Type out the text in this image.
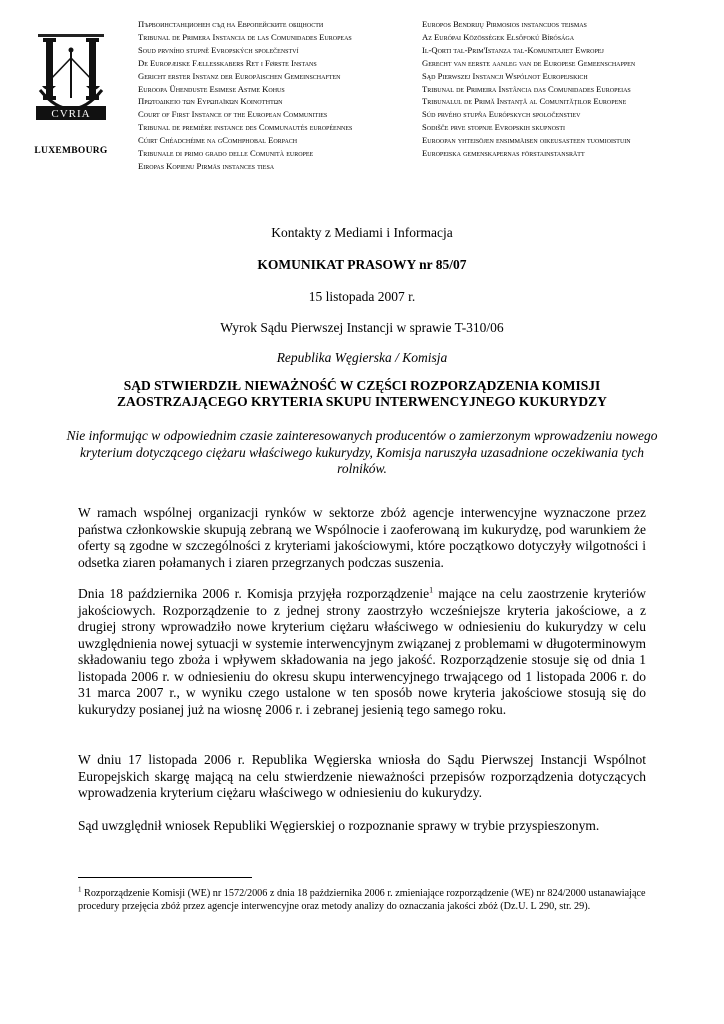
CVRIA
LUXEMBOURG
Първоинстанционен съд на Европейските общности
Tribunal de Primera Instancia de las Comunidades Europeas
Soud prvního stupně Evropských společenství
De Europæiske Fællesskabers Ret i Første Instans
Gericht erster Instanz der Europäischen Gemeinschaften
Euroopa Ühenduste Esimese Astme Kohus
Πρωτοδικείο των Ευρωπαϊκών Κοινοτήτων
Court of First Instance of the European Communities
Tribunal de première instance des Communautés européennes
Cúirt Chéadchéime na gComhphobal Eorpach
Tribunale di primo grado delle Comunità europee
Eiropas Kopienu Pirmās instances tiesa
Europos Bendrijų Pirmosios instancijos teismas
Az Európai Közösségek Elsőfokú Bírósága
Il-Qorti tal-Prim'Istanza tal-Komunitajiet Ewropej
Gerecht van eerste aanleg van de Europese Gemeenschappen
Sąd Pierwszej Instancji Wspólnot Europejskich
Tribunal de Primeira Instância das Comunidades Europeias
Tribunalul de Primă Instanță al Comunităților Europene
Súd prvého stupňa Európskych spoločenstiev
Sodišče prve stopnje Evropskih skupnosti
Euroopan yhteisöjen ensimmäisen oikeusasteen tuomioistuin
Europeiska gemenskapernas förstainstansrätt
Kontakty z Mediami i Informacja
KOMUNIKAT PRASOWY nr 85/07
15 listopada 2007 r.
Wyrok Sądu Pierwszej Instancji w sprawie T-310/06
Republika Węgierska / Komisja
SĄD STWIERDZIŁ NIEWAŻNOŚĆ W CZĘŚCI ROZPORZĄDZENIA KOMISJI
ZAOSTRZAJĄCEGO KRYTERIA SKUPU INTERWENCYJNEGO KUKURYDZY
Nie informując w odpowiednim czasie zainteresowanych producentów o zamierzonym wprowadzeniu nowego kryterium dotyczącego ciężaru właściwego kukurydzy, Komisja naruszyła uzasadnione oczekiwania tych rolników.

W ramach wspólnej organizacji rynków w sektorze zbóż agencje interwencyjne wyznaczone przez państwa członkowskie skupują zebraną we Wspólnocie i zaoferowaną im kukurydzę, pod warunkiem że oferty są zgodne w szczególności z kryteriami jakościowymi, które początkowo dotyczyły wilgotności i odsetka ziaren połamanych i ziaren przegrzanych podczas suszenia.

Dnia 18 października 2006 r. Komisja przyjęła rozporządzenie$^1$ mające na celu zaostrzenie kryteriów jakościowych. Rozporządzenie to z jednej strony zaostrzyło wcześniejsze kryteria jakościowe, a z drugiej strony wprowadziło nowe kryterium ciężaru właściwego w odniesieniu do kukurydzy w celu uwzględnienia nowej sytuacji w systemie interwencyjnym związanej z problemami w długoterminowym składowaniu tego zboża i wpływem składowania na jego jakość. Rozporządzenie stosuje się od dnia 1 listopada 2006 r. w odniesieniu do okresu skupu interwencyjnego trwającego od 1 listopada 2006 r. do 31 marca 2007 r., w wyniku czego ustalone w ten sposób nowe kryteria jakościowe stosują się do kukurydzy posianej już na wiosnę 2006 r. i zebranej jesienią tego samego roku.

W dniu 17 listopada 2006 r. Republika Węgierska wniosła do Sądu Pierwszej Instancji Wspólnot Europejskich skargę mającą na celu stwierdzenie nieważności przepisów rozporządzenia dotyczących wprowadzenia kryterium ciężaru właściwego w odniesieniu do kukurydzy.

Sąd uwzględnił wniosek Republiki Węgierskiej o rozpoznanie sprawy w trybie przyspieszonym.

$^1$ Rozporządzenie Komisji (WE) nr 1572/2006 z dnia 18 października 2006 r. zmieniające rozporządzenie (WE) nr 824/2000 ustanawiające procedury przejęcia zbóż przez agencje interwencyjne oraz metody analizy do oznaczania jakości zbóż (Dz.U. L 290, str. 29).
